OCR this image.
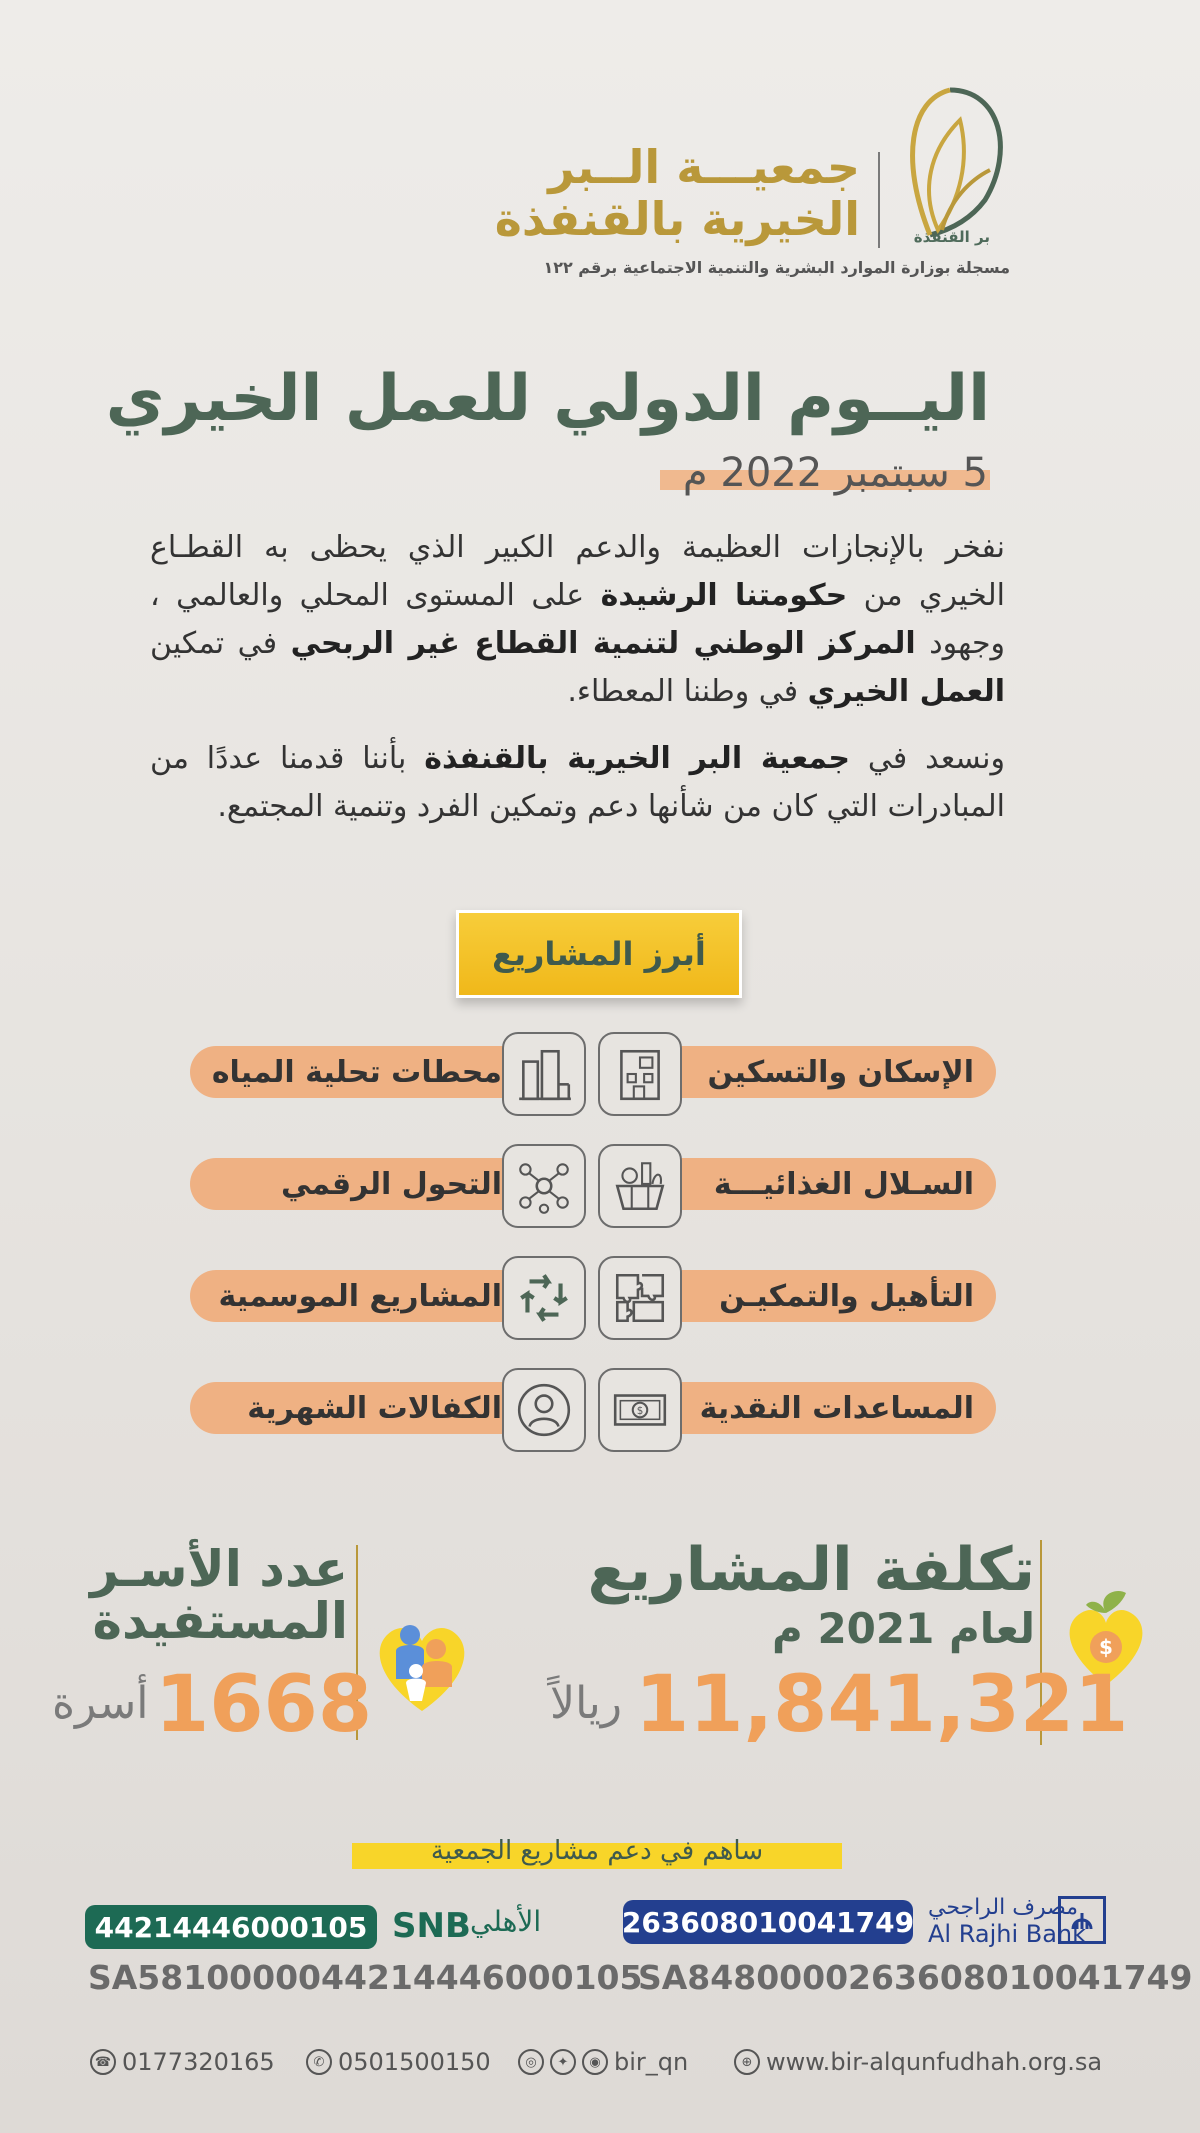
بر القنفذة
جمعيـــة الــبر
الخيرية بالقنفذة
مسجلة بوزارة الموارد البشرية والتنمية الاجتماعية برقم ١٢٢
اليــوم الدولي للعمل الخيري
5 سبتمبر 2022 م
نفخر بالإنجازات العظيمة والدعم الكبير الذي يحظى به القطـاع الخيري من حكومتنا الرشيدة على المستوى المحلي والعالمي ، وجهود المركز الوطني لتنمية القطاع غير الربحي في تمكين العمل الخيري في وطننا المعطاء.
ونسعد في جمعية البر الخيرية بالقنفذة بأننا قدمنا عددًا من المبادرات التي كان من شأنها دعم وتمكين الفرد وتنمية المجتمع.
أبرز المشاريع
الإسكان والتسكين
محطات تحلية المياه
السـلال الغذائيـــة
التحول الرقمي
التأهيل والتمكيـن
المشاريع الموسمية
المساعدات النقدية
$
الكفالات الشهرية
$
تكلفة المشاريع
لعام 2021 م
11,841,321
ريالاً
عدد الأسـر
المستفيدة
1668
أسرة
ساهم في دعم مشاريع الجمعية
مصرف الراجحي
Al Rajhi Bank
263608010041749
SA8480000263608010041749
الأهلي
SNB
44214446000105
SA5810000044214446000105
⊕ www.bir-alqunfudhah.org.sa
◎	✦	◉ bir_qn
✆ 0501500150
☎ 0177320165
